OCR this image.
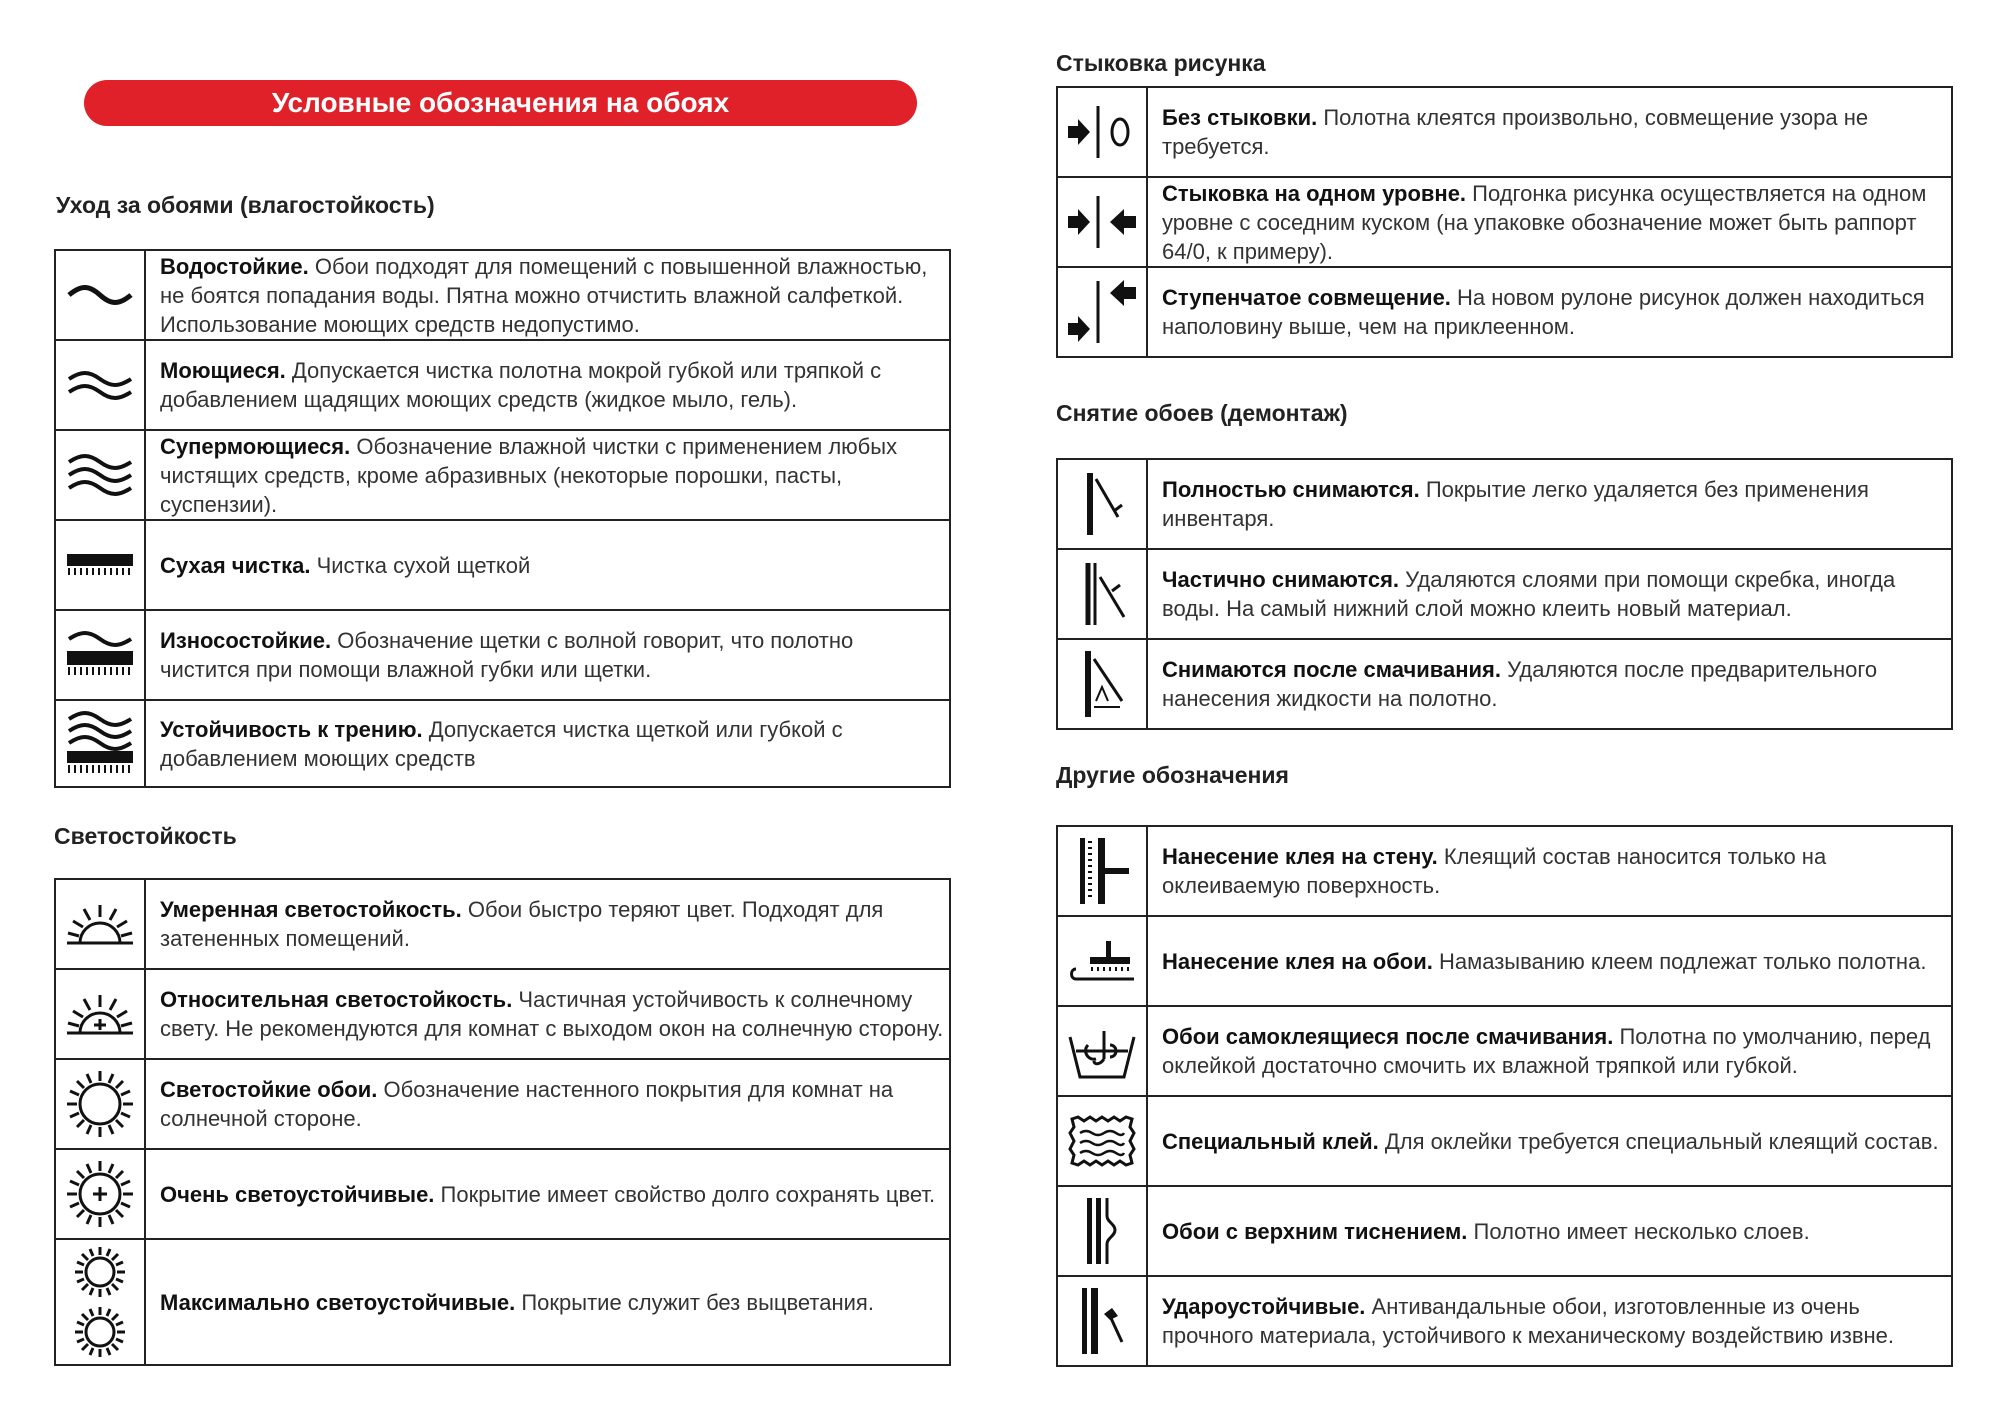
Условные обозначения на обоях
Уход за обоями (влагостойкость)
	Водостойкие. Обои подходят для помещений с повышенной влажностью, не боятся попадания воды. Пятна можно отчистить влажной салфеткой. Использование моющих средств недопустимо.

	Моющиеся. Допускается чистка полотна мокрой губкой или тряпкой с добавлением щадящих моющих средств (жидкое мыло, гель).

	Супермоющиеся. Обозначение влажной чистки с применением любых чистящих средств, кроме абразивных (некоторые порошки, пасты, суспензии).

	Сухая чистка. Чистка сухой щеткой

	Износостойкие. Обозначение щетки с волной говорит, что полотно чистится при помощи влажной губки или щетки.

	Устойчивость к трению. Допускается чистка щеткой или губкой с добавлением моющих средств
Светостойкость
	Умеренная светостойкость. Обои быстро теряют цвет. Подходят для затененных помещений.

	Относительная светостойкость. Частичная устойчивость к солнечному свету. Не рекомендуются для комнат с выходом окон на солнечную сторону.

	Светостойкие обои. Обозначение настенного покрытия для комнат на солнечной стороне.

	Очень светоустойчивые. Покрытие имеет свойство долго сохранять цвет.

	Максимально светоустойчивые. Покрытие служит без выцветания.
Стыковка рисунка
	Без стыковки. Полотна клеятся произвольно, совмещение узора не требуется.

	Стыковка на одном уровне. Подгонка рисунка осуществляется на одном уровне с соседним куском (на упаковке обозначение может быть раппорт 64/0, к примеру).

	Ступенчатое совмещение. На новом рулоне рисунок должен находиться наполовину выше, чем на приклеенном.
Снятие обоев (демонтаж)
	Полностью снимаются. Покрытие легко удаляется без применения инвентаря.

	Частично снимаются. Удаляются слоями при помощи скребка, иногда воды. На самый нижний слой можно клеить новый материал.

	Снимаются после смачивания. Удаляются после предварительного нанесения жидкости на полотно.
Другие обозначения
	Нанесение клея на стену. Клеящий состав наносится только на оклеиваемую поверхность.

	Нанесение клея на обои. Намазыванию клеем подлежат только полотна.

	Обои самоклеящиеся после смачивания. Полотна по умолчанию, перед оклейкой достаточно смочить их влажной тряпкой или губкой.

	Специальный клей. Для оклейки требуется специальный клеящий состав.

	Обои с верхним тиснением. Полотно имеет несколько слоев.

	Удароустойчивые. Антивандальные обои, изготовленные из очень прочного материала, устойчивого к механическому воздействию извне.
